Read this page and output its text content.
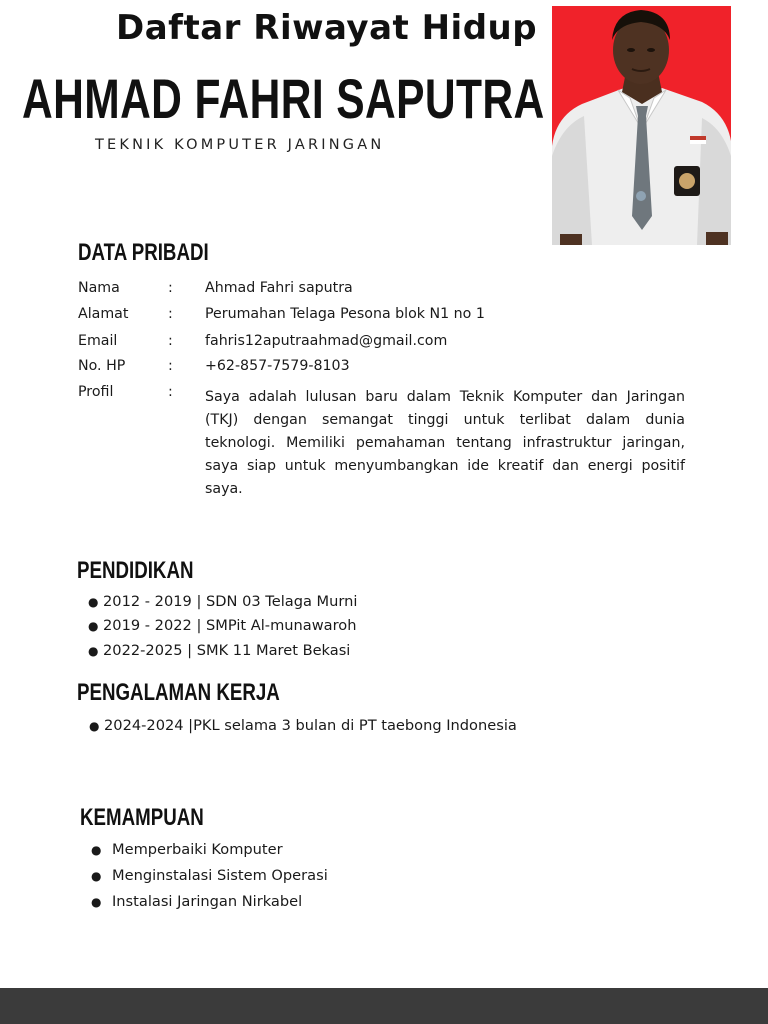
Daftar Riwayat Hidup
AHMAD FAHRI SAPUTRA
TEKNIK KOMPUTER JARINGAN
DATA PRIBADI
Nama	: Ahmad Fahri saputra
Alamat	: Perumahan Telaga Pesona blok N1 no 1
Email	: fahris12aputraahmad@gmail.com
No. HP	: +62-857-7579-8103
Profil	: Saya adalah lulusan baru dalam Teknik Komputer dan Jaringan (TKJ) dengan semangat tinggi untuk terlibat dalam dunia teknologi. Memiliki pemahaman tentang infrastruktur jaringan, saya siap untuk menyumbangkan ide kreatif dan energi positif saya.
PENDIDIKAN
● 2012 - 2019 | SDN 03 Telaga Murni
● 2019 - 2022 | SMPit Al-munawaroh
● 2022-2025 | SMK 11 Maret Bekasi
PENGALAMAN KERJA
● 2024-2024 |PKL selama 3 bulan di PT taebong Indonesia
KEMAMPUAN
● Memperbaiki Komputer
● Menginstalasi Sistem Operasi
● Instalasi Jaringan Nirkabel
